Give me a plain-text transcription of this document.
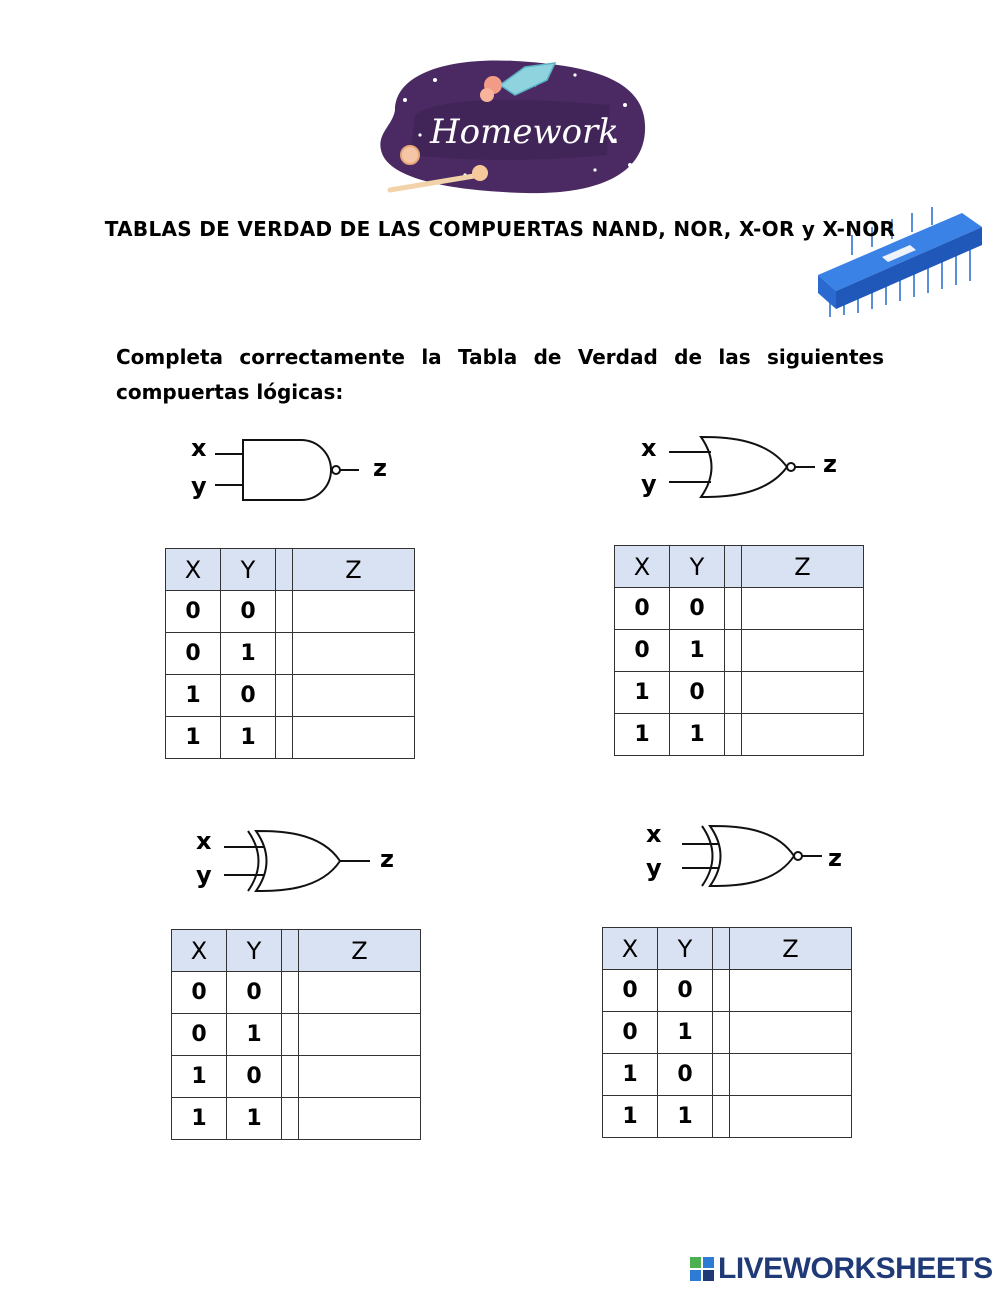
Homework
TABLAS DE VERDAD DE LAS COMPUERTAS NAND, NOR, X-OR y X-NOR
Completa correctamente la Tabla de Verdad de las siguientes compuertas lógicas:
x
y
z
x
y
z
x
y
z
x
y	z
X	Y		Z
0	0		
0	1		
1	0		
1	1		
X	Y		Z
0	0		
0	1		
1	0		
1	1		
X	Y		Z
0	0		
0	1		
1	0		
1	1		
X	Y		Z
0	0		
0	1		
1	0		
1	1		
LIVEWORKSHEETS
